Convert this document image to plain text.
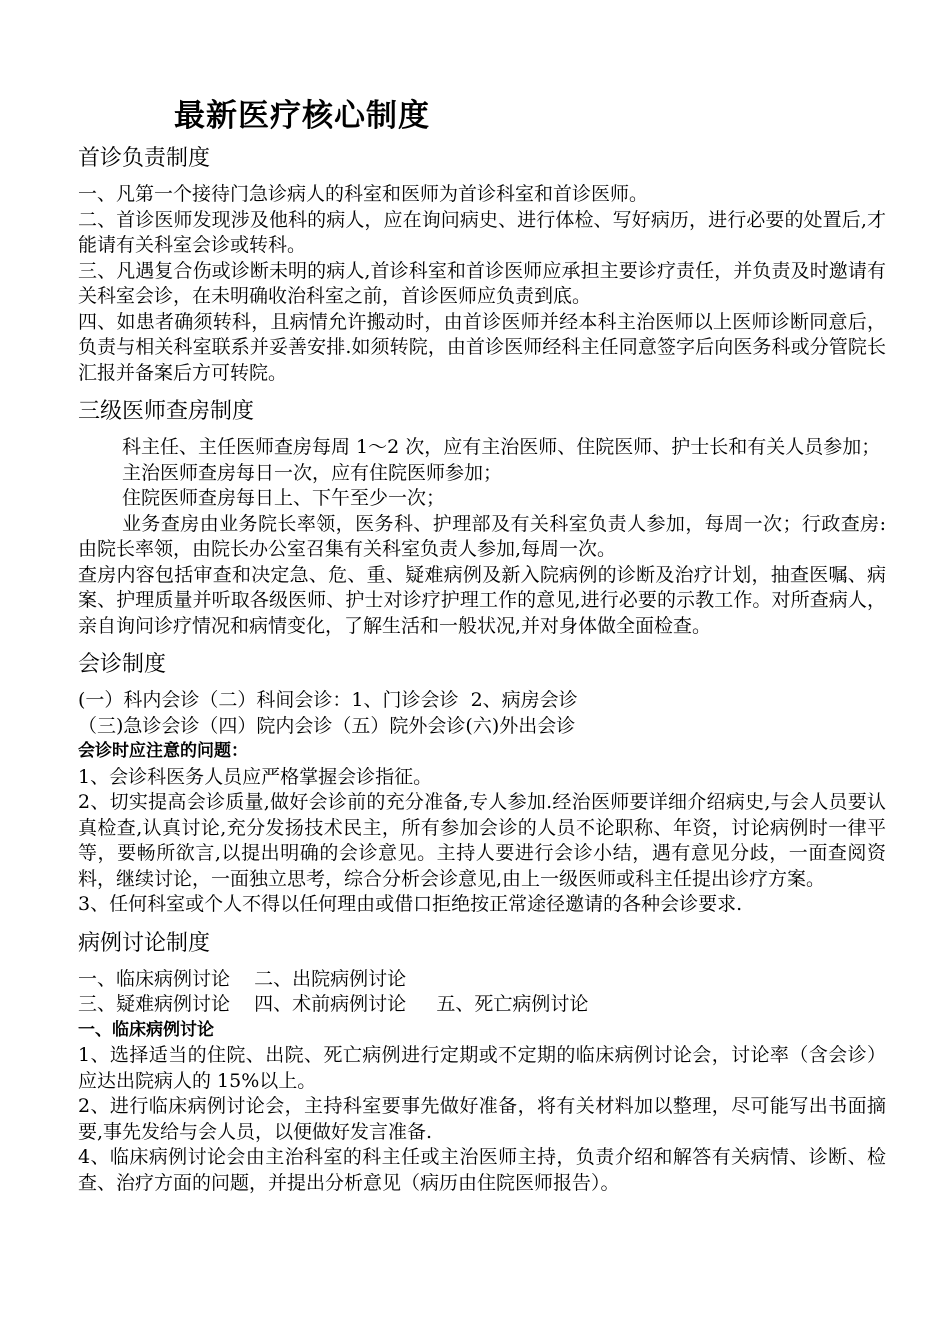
最新医疗核心制度
首诊负责制度

一、凡第一个接待门急诊病人的科室和医师为首诊科室和首诊医师。

二、首诊医师发现涉及他科的病人，应在询问病史、进行体检、写好病历，进行必要的处置后,才能请有关科室会诊或转科。

三、凡遇复合伤或诊断未明的病人,首诊科室和首诊医师应承担主要诊疗责任，并负责及时邀请有关科室会诊，在未明确收治科室之前，首诊医师应负责到底。

四、如患者确须转科，且病情允许搬动时，由首诊医师并经本科主治医师以上医师诊断同意后，负责与相关科室联系并妥善安排.如须转院，由首诊医师经科主任同意签字后向医务科或分管院长汇报并备案后方可转院。

三级医师查房制度

科主任、主任医师查房每周 1～2 次，应有主治医师、住院医师、护士长和有关人员参加；

主治医师查房每日一次，应有住院医师参加；

住院医师查房每日上、下午至少一次；

业务查房由业务院长率领，医务科、护理部及有关科室负责人参加，每周一次；行政查房:由院长率领，由院长办公室召集有关科室负责人参加,每周一次。

查房内容包括审查和决定急、危、重、疑难病例及新入院病例的诊断及治疗计划，抽查医嘱、病案、护理质量并听取各级医师、护士对诊疗护理工作的意见,进行必要的示教工作。对所查病人，亲自询问诊疗情况和病情变化，了解生活和一般状况,并对身体做全面检查。

会诊制度

(一）科内会诊（二）科间会诊：1、门诊会诊  2、病房会诊

（三)急诊会诊（四）院内会诊（五）院外会诊(六)外出会诊

会诊时应注意的问题：

1、会诊科医务人员应严格掌握会诊指征。

2、切实提高会诊质量,做好会诊前的充分准备,专人参加.经治医师要详细介绍病史,与会人员要认真检查,认真讨论,充分发扬技术民主，所有参加会诊的人员不论职称、年资，讨论病例时一律平等，要畅所欲言,以提出明确的会诊意见。主持人要进行会诊小结，遇有意见分歧，一面查阅资料，继续讨论，一面独立思考，综合分析会诊意见,由上一级医师或科主任提出诊疗方案。

3、任何科室或个人不得以任何理由或借口拒绝按正常途径邀请的各种会诊要求.

病例讨论制度

一、临床病例讨论    二、出院病例讨论

三、疑难病例讨论    四、术前病例讨论     五、死亡病例讨论

一、临床病例讨论

1、选择适当的住院、出院、死亡病例进行定期或不定期的临床病例讨论会，讨论率（含会诊）应达出院病人的 15%以上。

2、进行临床病例讨论会，主持科室要事先做好准备，将有关材料加以整理，尽可能写出书面摘要,事先发给与会人员，以便做好发言准备.

4、临床病例讨论会由主治科室的科主任或主治医师主持，负责介绍和解答有关病情、诊断、检查、治疗方面的问题，并提出分析意见（病历由住院医师报告）。
